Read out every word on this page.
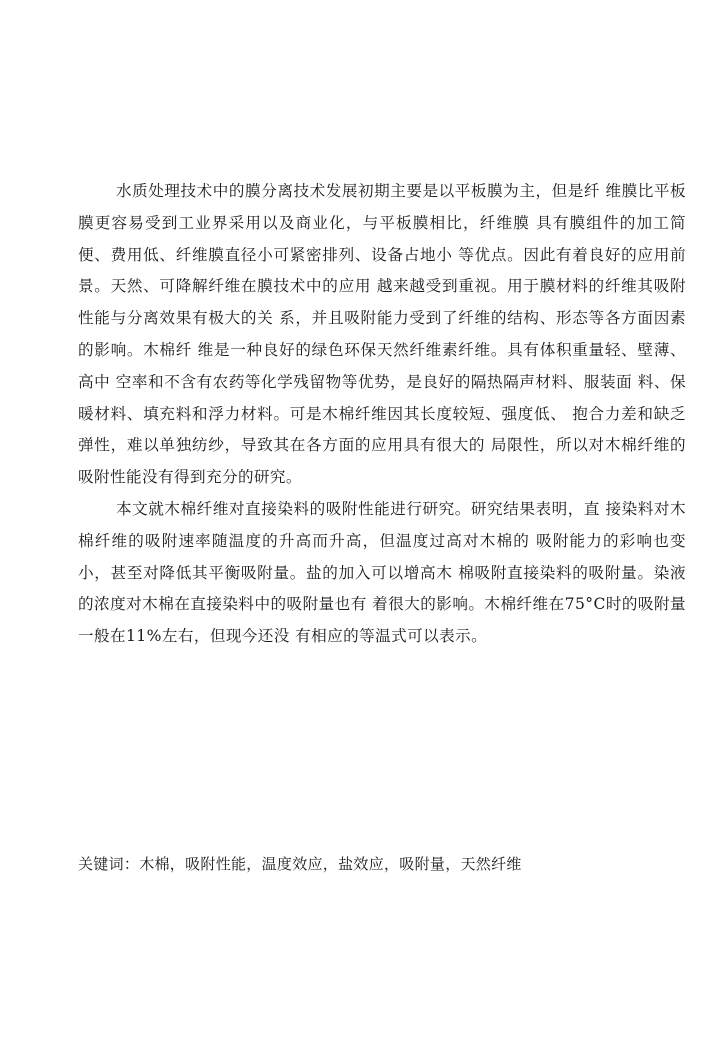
水质处理技术中的膜分离技术发展初期主要是以平板膜为主，但是纤 维膜比平板膜更容易受到工业界采用以及商业化，与平板膜相比，纤维膜 具有膜组件的加工简便、费用低、纤维膜直径小可紧密排列、设备占地小 等优点。因此有着良好的应用前景。天然、可降解纤维在膜技术中的应用 越来越受到重视。用于膜材料的纤维其吸附性能与分离效果有极大的关 系，并且吸附能力受到了纤维的结构、形态等各方面因素的影响。木棉纤 维是一种良好的绿色环保天然纤维素纤维。具有体积重量轻、壁薄、高中 空率和不含有农药等化学残留物等优势，是良好的隔热隔声材料、服装面 料、保暖材料、填充料和浮力材料。可是木棉纤维因其长度较短、强度低、 抱合力差和缺乏弹性，难以单独纺纱，导致其在各方面的应用具有很大的 局限性，所以对木棉纤维的吸附性能没有得到充分的研究。

本文就木棉纤维对直接染料的吸附性能进行研究。研究结果表明，直 接染料对木棉纤维的吸附速率随温度的升高而升高，但温度过高对木棉的 吸附能力的彩响也变小，甚至对降低其平衡吸附量。盐的加入可以增高木 棉吸附直接染料的吸附量。染液的浓度对木棉在直接染料中的吸附量也有 着很大的影响。木棉纤维在75°C时的吸附量一般在11%左右，但现今还没 有相应的等温式可以表示。

关键词：木棉，吸附性能，温度效应，盐效应，吸附量，天然纤维
